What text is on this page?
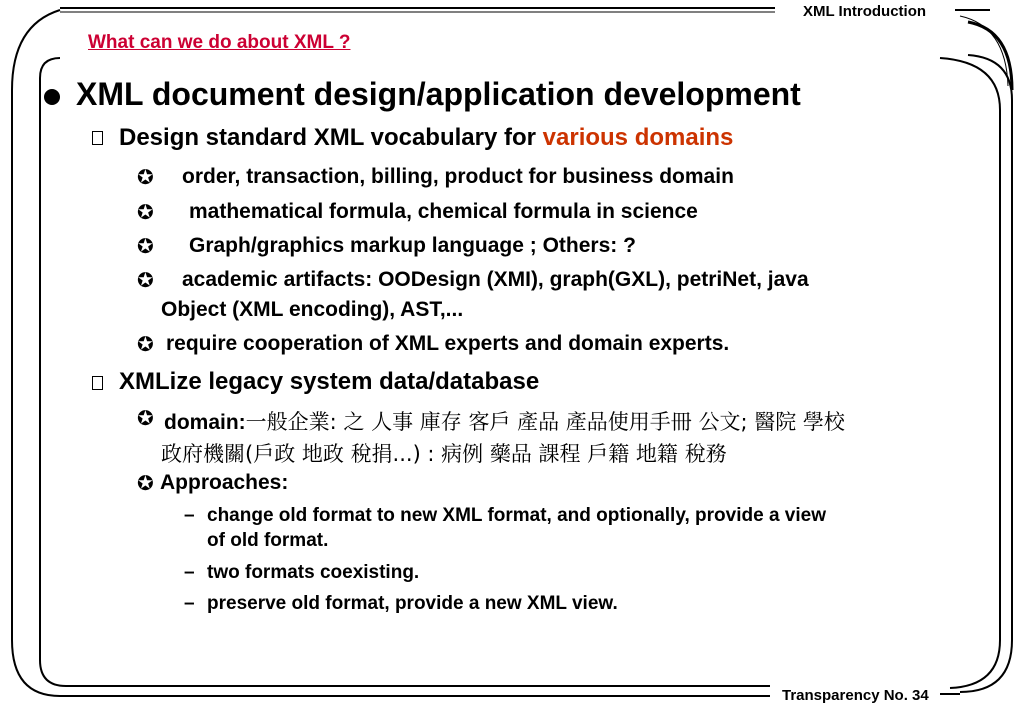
XML Introduction
What can we do about XML ?
XML document design/application development
Design standard XML vocabulary for various domains
✪ order, transaction, billing, product for business domain
✪ mathematical formula, chemical formula in science
✪ Graph/graphics markup language ; Others: ?
✪ academic artifacts: OODesign (XMI), graph(GXL), petriNet, java
Object (XML encoding), AST,...
✪ require cooperation of XML experts and domain experts.
XMLize legacy system data/database
✪ domain:一般企業: 之 人事 庫存 客戶 產品 產品使用手冊 公文; 醫院 學校
政府機關(戶政 地政 稅捐...) : 病例 藥品 課程 戶籍 地籍 稅務
✪ Approaches:
– change old format to new XML format, and optionally, provide a view
of old format.
– two formats coexisting.
– preserve old format, provide a new XML view.
Transparency No. 34
